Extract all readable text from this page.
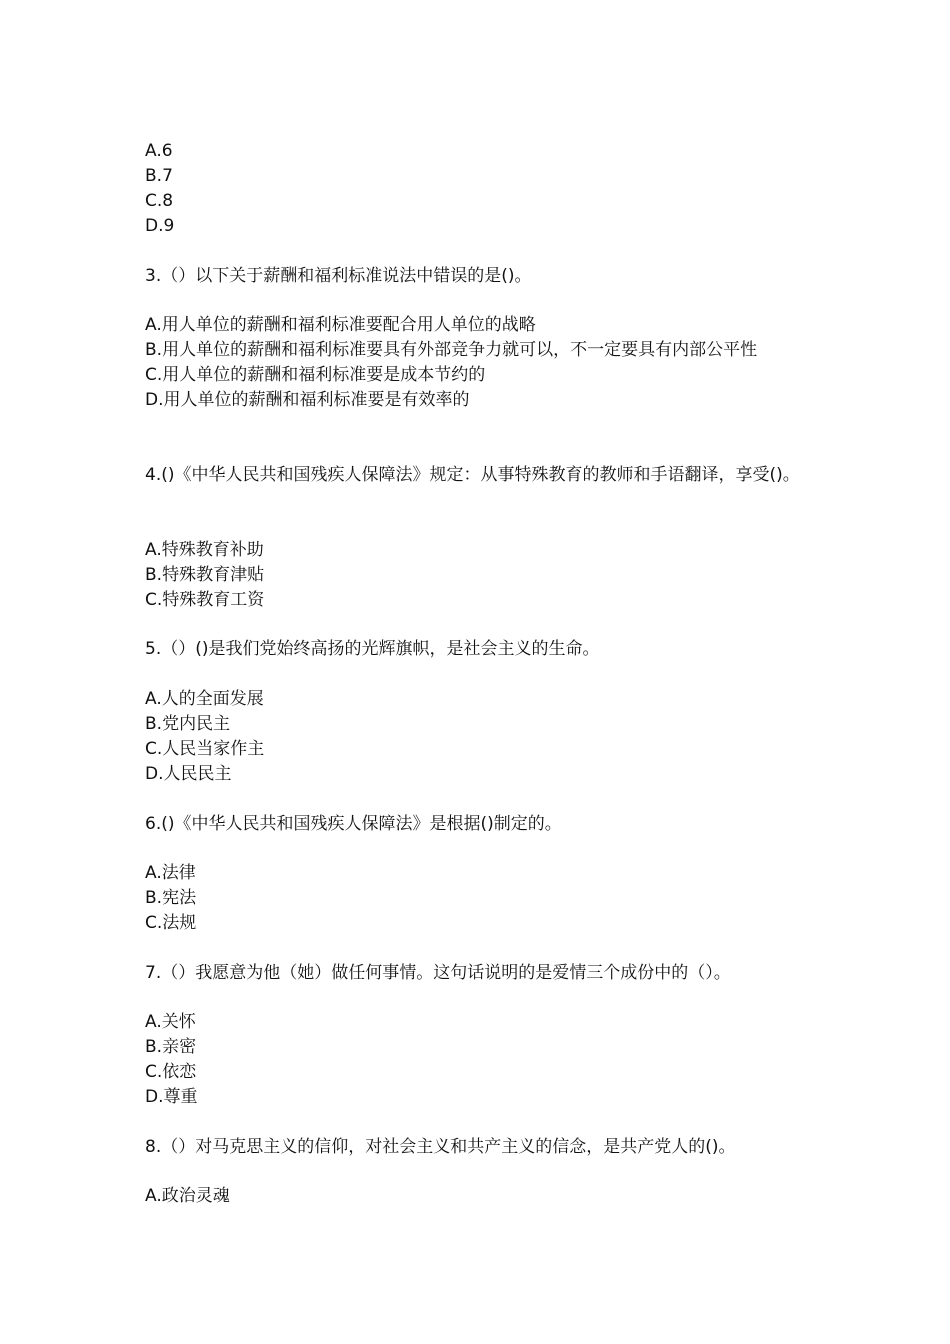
A.6
B.7
C.8
D.9
3.（）以下关于薪酬和福利标准说法中错误的是()。
A.用人单位的薪酬和福利标准要配合用人单位的战略
B.用人单位的薪酬和福利标准要具有外部竞争力就可以，不一定要具有内部公平性
C.用人单位的薪酬和福利标准要是成本节约的
D.用人单位的薪酬和福利标准要是有效率的
4.()《中华人民共和国残疾人保障法》规定：从事特殊教育的教师和手语翻译，享受()。
A.特殊教育补助
B.特殊教育津贴
C.特殊教育工资
5.（）()是我们党始终高扬的光辉旗帜，是社会主义的生命。
A.人的全面发展
B.党内民主
C.人民当家作主
D.人民民主
6.()《中华人民共和国残疾人保障法》是根据()制定的。
A.法律
B.宪法
C.法规
7.（）我愿意为他（她）做任何事情。这句话说明的是爱情三个成份中的（）。
A.关怀
B.亲密
C.依恋
D.尊重
8.（）对马克思主义的信仰，对社会主义和共产主义的信念，是共产党人的()。
A.政治灵魂
